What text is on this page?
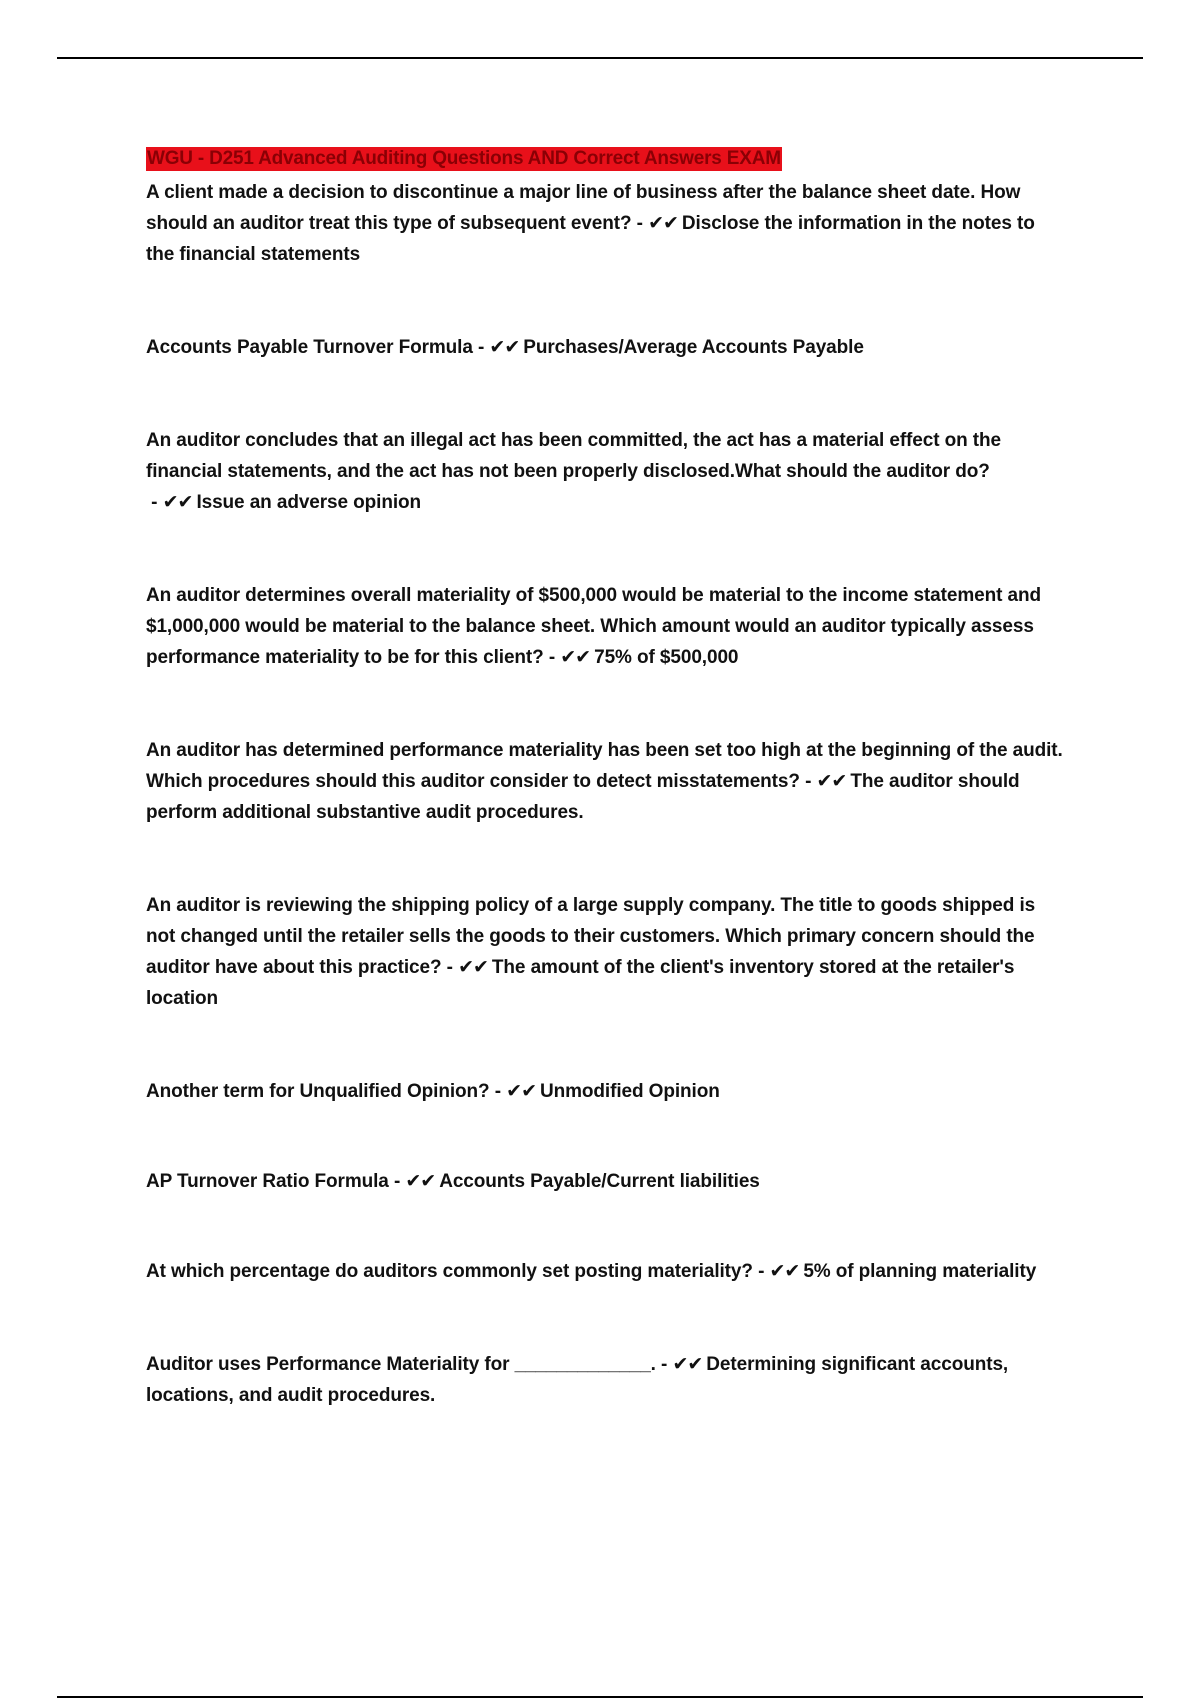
WGU - D251 Advanced Auditing Questions AND Correct Answers EXAM

A client made a decision to discontinue a major line of business after the balance sheet date. How should an auditor treat this type of subsequent event? - ✔✔ Disclose the information in the notes to the financial statements

Accounts Payable Turnover Formula - ✔✔ Purchases/Average Accounts Payable

An auditor concludes that an illegal act has been committed, the act has a material effect on the financial statements, and the act has not been properly disclosed.What should the auditor do? - ✔✔ Issue an adverse opinion

An auditor determines overall materiality of $500,000 would be material to the income statement and $1,000,000 would be material to the balance sheet. Which amount would an auditor typically assess performance materiality to be for this client? - ✔✔ 75% of $500,000

An auditor has determined performance materiality has been set too high at the beginning of the audit. Which procedures should this auditor consider to detect misstatements? - ✔✔ The auditor should perform additional substantive audit procedures.

An auditor is reviewing the shipping policy of a large supply company. The title to goods shipped is not changed until the retailer sells the goods to their customers. Which primary concern should the auditor have about this practice? - ✔✔ The amount of the client's inventory stored at the retailer's location

Another term for Unqualified Opinion? - ✔✔ Unmodified Opinion

AP Turnover Ratio Formula - ✔✔ Accounts Payable/Current liabilities

At which percentage do auditors commonly set posting materiality? - ✔✔ 5% of planning materiality

Auditor uses Performance Materiality for _____________. - ✔✔ Determining significant accounts, locations, and audit procedures.
